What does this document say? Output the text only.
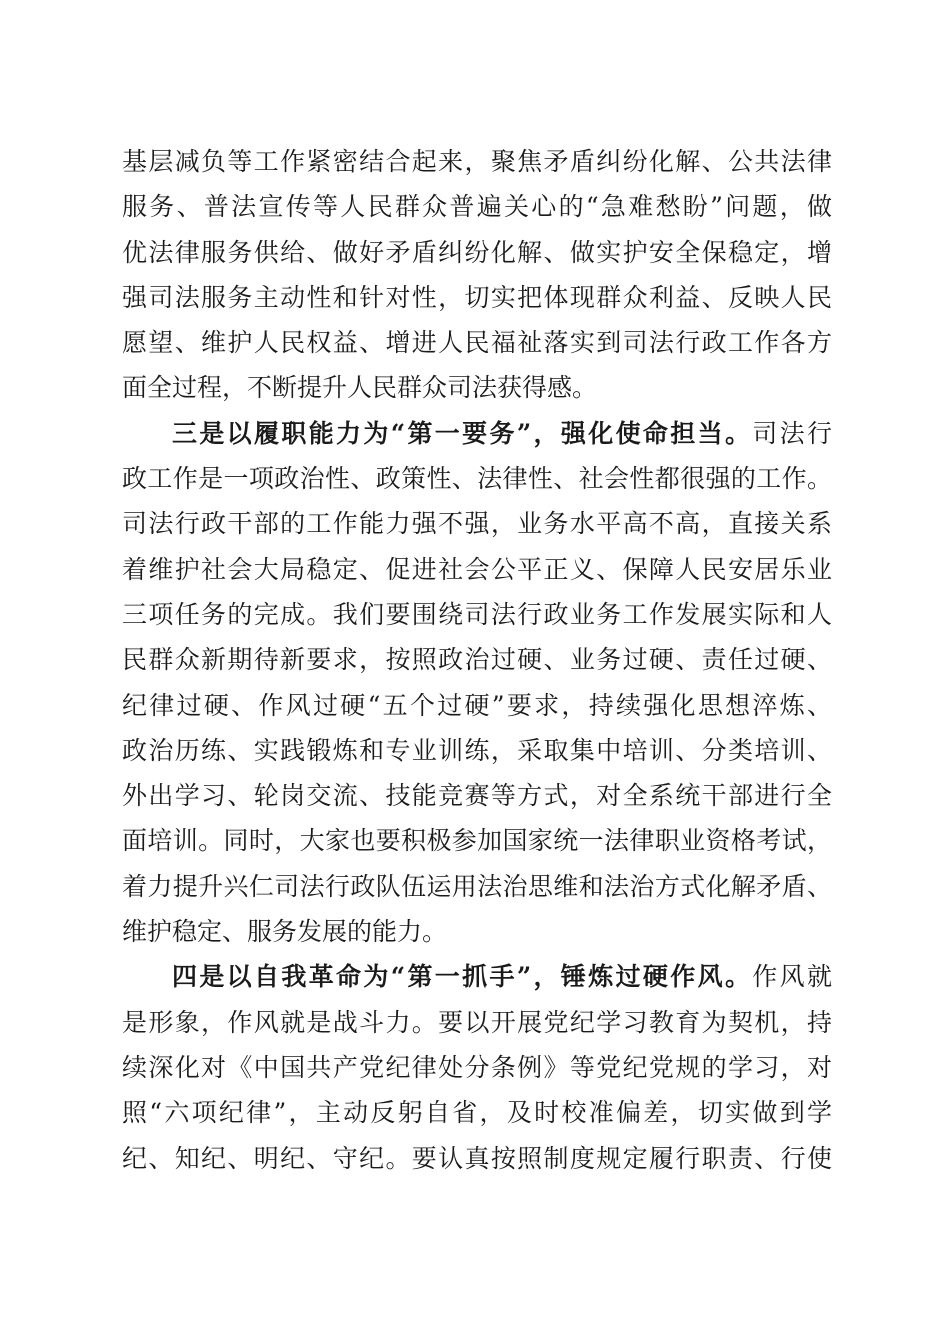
基层减负等工作紧密结合起来，聚焦矛盾纠纷化解、公共法律
服务、普法宣传等人民群众普遍关心的“急难愁盼”问题，做
优法律服务供给、做好矛盾纠纷化解、做实护安全保稳定，增
强司法服务主动性和针对性，切实把体现群众利益、反映人民
愿望、维护人民权益、增进人民福祉落实到司法行政工作各方
面全过程，不断提升人民群众司法获得感。
三是以履职能力为“第一要务”，强化使命担当。司法行
政工作是一项政治性、政策性、法律性、社会性都很强的工作。
司法行政干部的工作能力强不强，业务水平高不高，直接关系
着维护社会大局稳定、促进社会公平正义、保障人民安居乐业
三项任务的完成。我们要围绕司法行政业务工作发展实际和人
民群众新期待新要求，按照政治过硬、业务过硬、责任过硬、
纪律过硬、作风过硬“五个过硬”要求，持续强化思想淬炼、
政治历练、实践锻炼和专业训练，采取集中培训、分类培训、
外出学习、轮岗交流、技能竞赛等方式，对全系统干部进行全
面培训。同时，大家也要积极参加国家统一法律职业资格考试，
着力提升兴仁司法行政队伍运用法治思维和法治方式化解矛盾、
维护稳定、服务发展的能力。
四是以自我革命为“第一抓手”，锤炼过硬作风。作风就
是形象，作风就是战斗力。要以开展党纪学习教育为契机，持
续深化对《中国共产党纪律处分条例》等党纪党规的学习，对
照“六项纪律”，主动反躬自省，及时校准偏差，切实做到学
纪、知纪、明纪、守纪。要认真按照制度规定履行职责、行使
